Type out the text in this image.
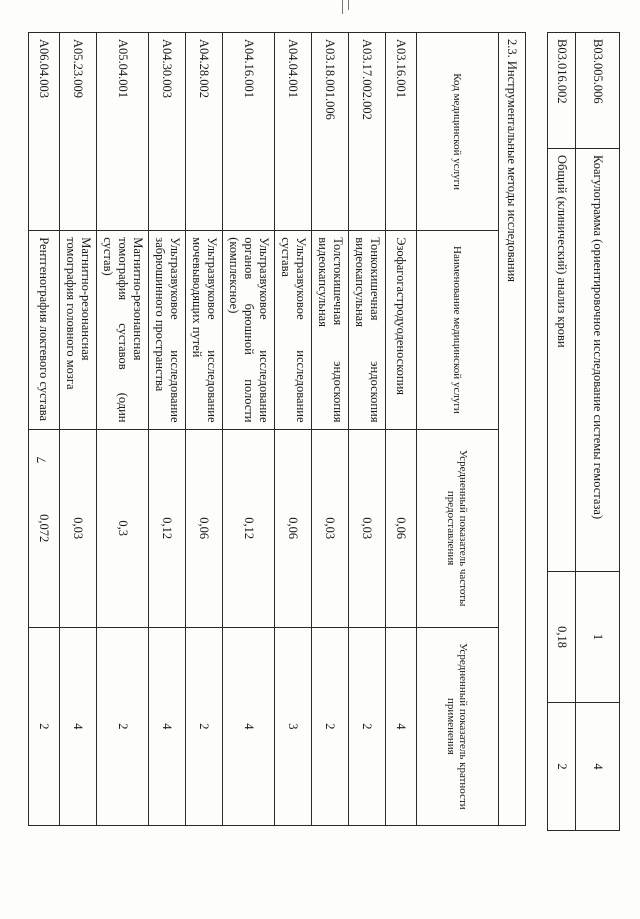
7
B03.005.006	Коагулограмма (ориентировочное исследование системы гемостаза)	1	4
B03.016.002	Общий (клинический) анализ крови	0,18	2
2.3. Инструментальные методы исследования			
Код медицинской услуги	Наименование медицинской услуги	Усредненный показатель частоты предоставления	Усредненный показатель кратности применения
A03.16.001	Эзофагогастродуоденоскопия	0,06	4
A03.17.002.002	Тонкокишечная эндоскопия видеокапсульная	0,03	2
A03.18.001.006	Толстокишечная эндоскопия видеокапсульная	0,03	2
A04.04.001	Ультразвуковое исследование сустава	0,06	3
A04.16.001	Ультразвуковое исследование органов брюшной полости (комплексное)	0,12	4
A04.28.002	Ультразвуковое исследование мочевыводящих путей	0,06	2
A04.30.003	Ультразвуковое исследование забрюшинного пространства	0,12	4
A05.04.001	Магнитно-резонансная томография суставов (один сустав)	0,3	2
A05.23.009	Магнитно-резонансная томография головного мозга	0,03	4
A06.04.003	Рентгенография локтевого сустава	0,072	2
